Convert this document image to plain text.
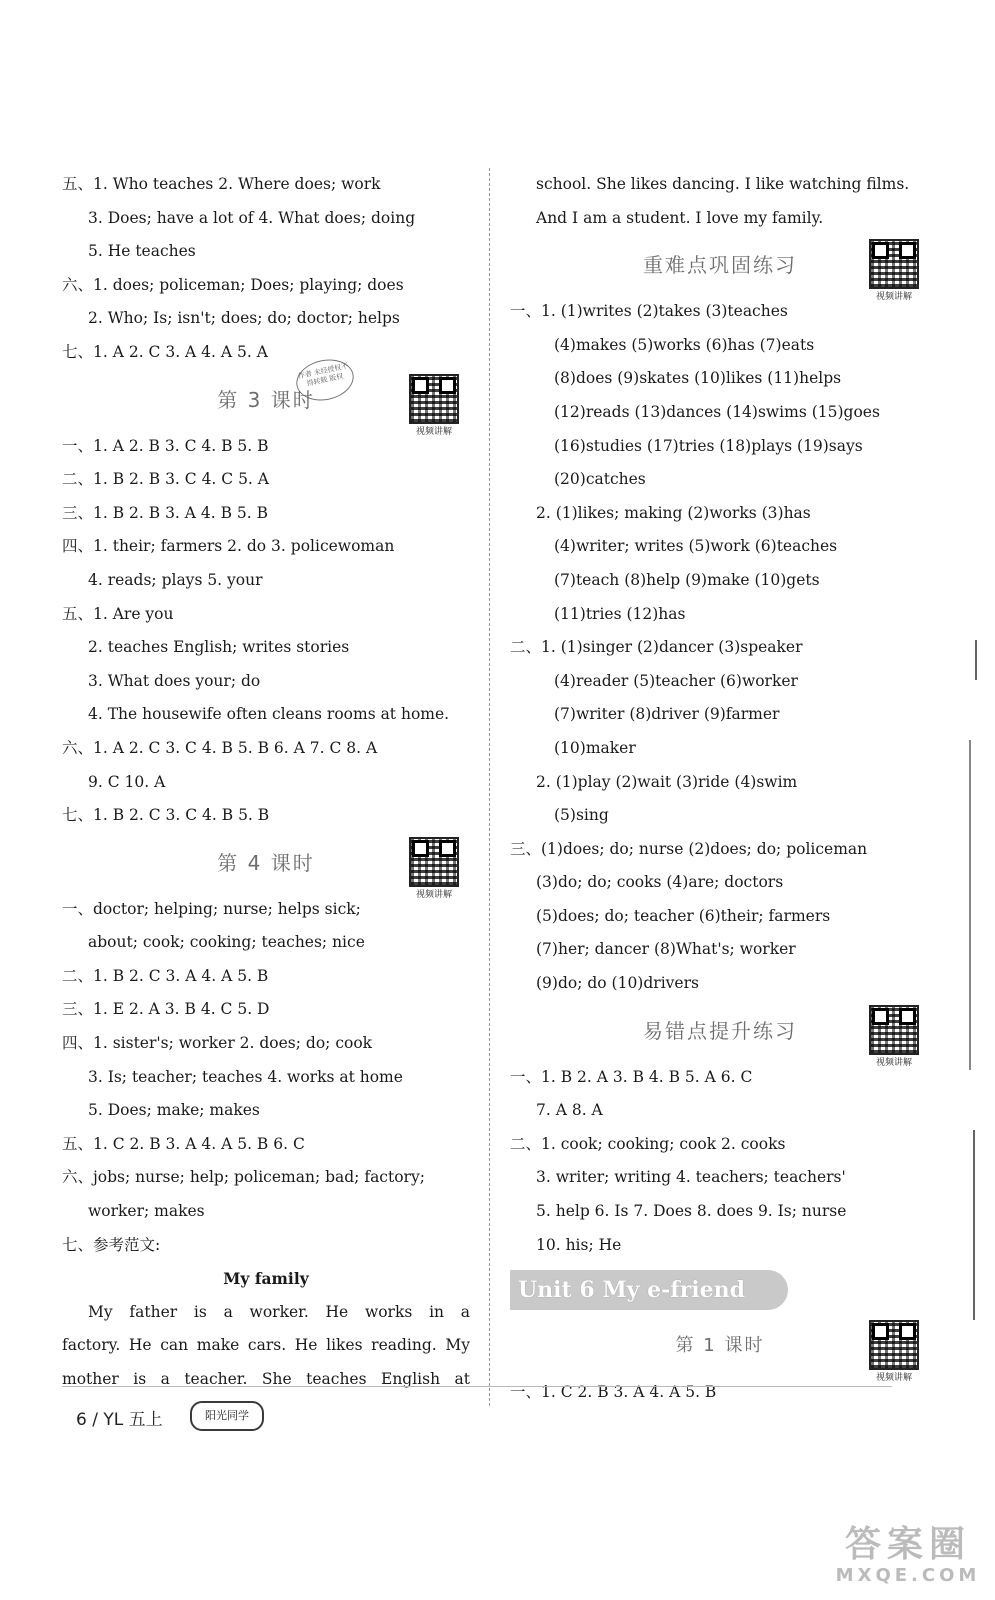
五、1. Who teaches 2. Where does; work
3. Does; have a lot of 4. What does; doing
5. He teaches
六、1. does; policeman; Does; playing; does
2. Who; Is; isn't; does; do; doctor; helps
七、1. A 2. C 3. A 4. A 5. A
第 3 课时
视频讲解
一、1. A 2. B 3. C 4. B 5. B
二、1. B 2. B 3. C 4. C 5. A
三、1. B 2. B 3. A 4. B 5. B
四、1. their; farmers 2. do 3. policewoman
4. reads; plays 5. your
五、1. Are you
2. teaches English; writes stories
3. What does your; do
4. The housewife often cleans rooms at home.
六、1. A 2. C 3. C 4. B 5. B 6. A 7. C 8. A
9. C 10. A
七、1. B 2. C 3. C 4. B 5. B
第 4 课时
视频讲解
一、doctor; helping; nurse; helps sick;
about; cook; cooking; teaches; nice
二、1. B 2. C 3. A 4. A 5. B
三、1. E 2. A 3. B 4. C 5. D
四、1. sister's; worker 2. does; do; cook
3. Is; teacher; teaches 4. works at home
5. Does; make; makes
五、1. C 2. B 3. A 4. A 5. B 6. C
六、jobs; nurse; help; policeman; bad; factory;
worker; makes
七、参考范文:
My family
My father is a worker. He works in a
factory. He can make cars. He likes reading. My
mother is a teacher. She teaches English at
school. She likes dancing. I like watching films.
And I am a student. I love my family.
重难点巩固练习
视频讲解
一、1. (1)writes (2)takes (3)teaches
(4)makes (5)works (6)has (7)eats
(8)does (9)skates (10)likes (11)helps
(12)reads (13)dances (14)swims (15)goes
(16)studies (17)tries (18)plays (19)says
(20)catches
2. (1)likes; making (2)works (3)has
(4)writer; writes (5)work (6)teaches
(7)teach (8)help (9)make (10)gets
(11)tries (12)has
二、1. (1)singer (2)dancer (3)speaker
(4)reader (5)teacher (6)worker
(7)writer (8)driver (9)farmer
(10)maker
2. (1)play (2)wait (3)ride (4)swim
(5)sing
三、(1)does; do; nurse (2)does; do; policeman
(3)do; do; cooks (4)are; doctors
(5)does; do; teacher (6)their; farmers
(7)her; dancer (8)What's; worker
(9)do; do (10)drivers
易错点提升练习
视频讲解
一、1. B 2. A 3. B 4. B 5. A 6. C
7. A 8. A
二、1. cook; cooking; cook 2. cooks
3. writer; writing 4. teachers; teachers'
5. help 6. Is 7. Does 8. does 9. Is; nurse
10. his; He
Unit 6 My e-friend
第 1 课时
视频讲解
一、1. C 2. B 3. A 4. A 5. B
作者 未经授权不得转载 版权
6 / YL 五上	阳光同学
答案圈
MXQE.COM
